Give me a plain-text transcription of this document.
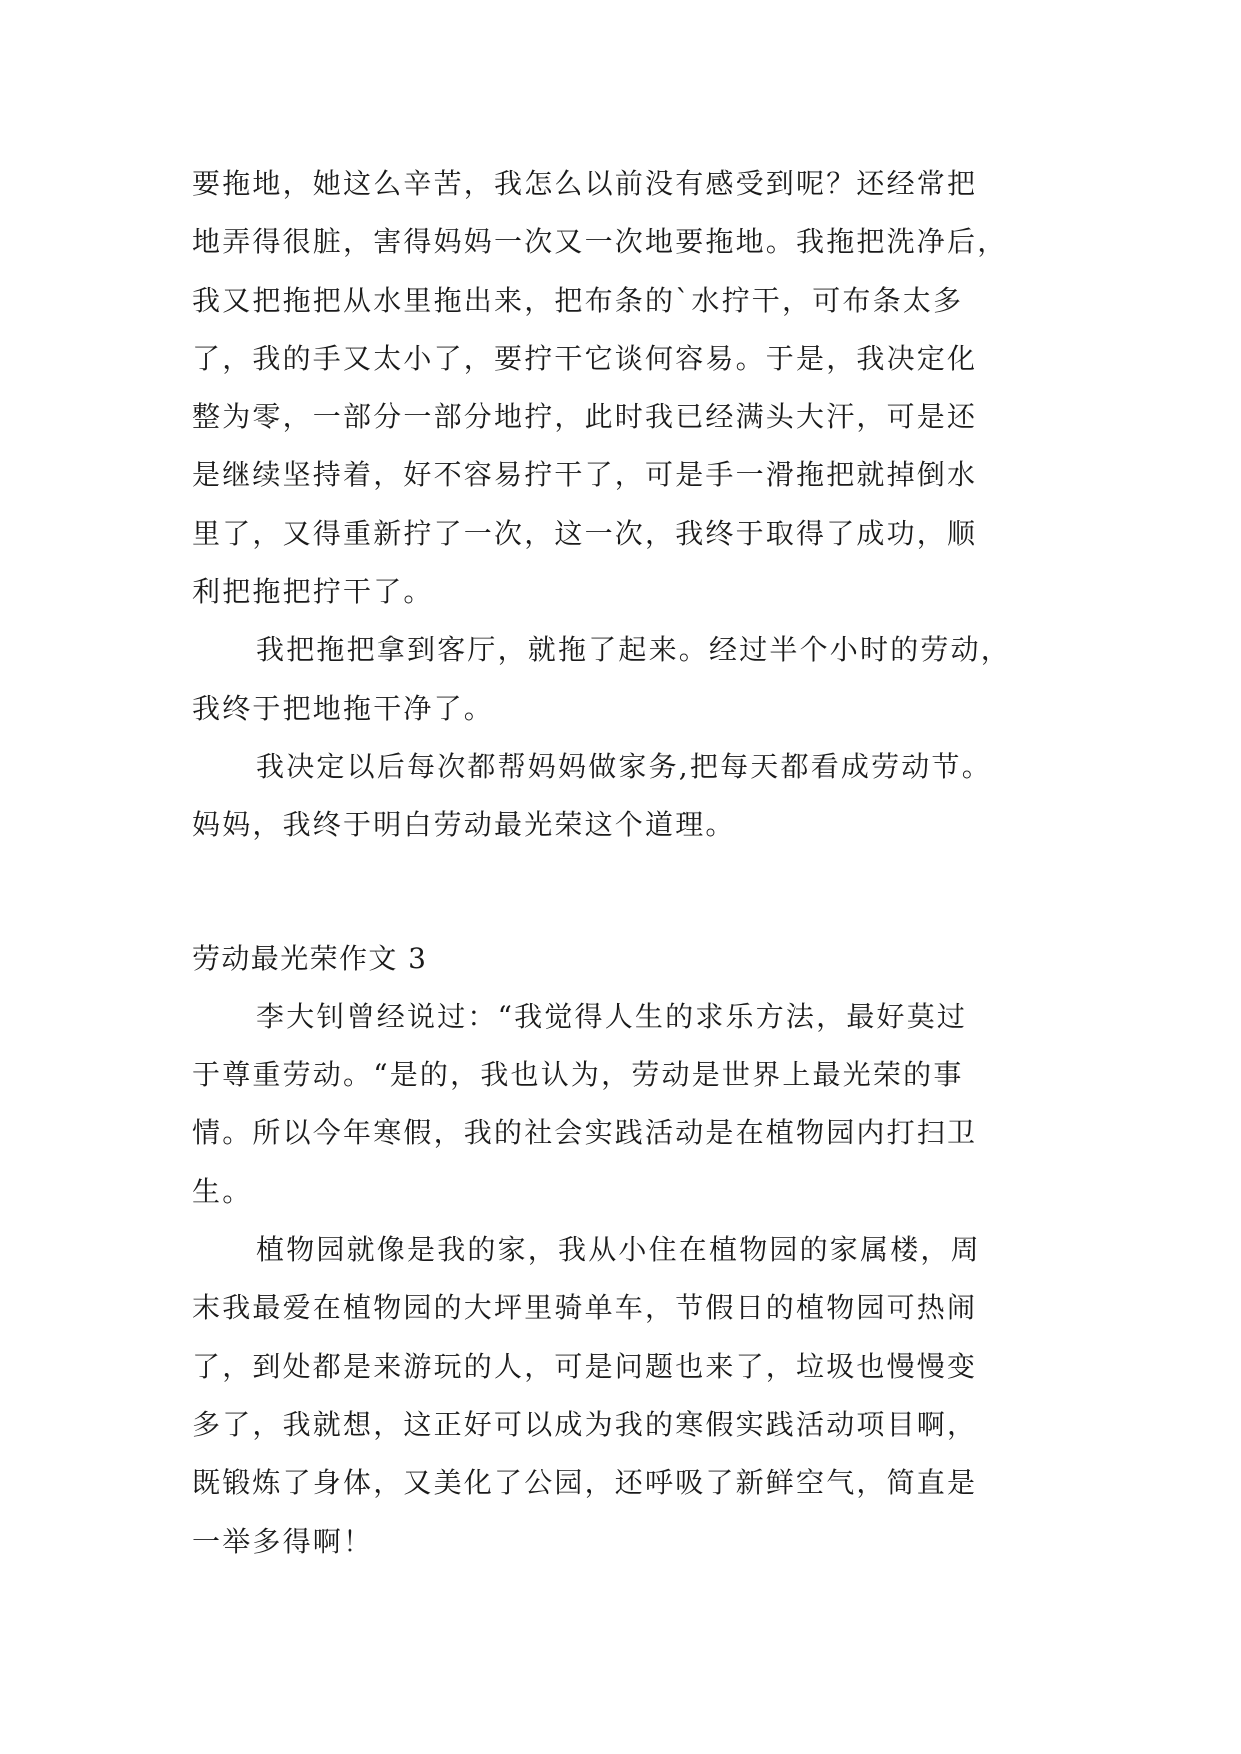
要拖地，她这么辛苦，我怎么以前没有感受到呢？还经常把
地弄得很脏，害得妈妈一次又一次地要拖地。我拖把洗净后，
我又把拖把从水里拖出来，把布条的`水拧干，可布条太多
了，我的手又太小了，要拧干它谈何容易。于是，我决定化
整为零，一部分一部分地拧，此时我已经满头大汗，可是还
是继续坚持着，好不容易拧干了，可是手一滑拖把就掉倒水
里了，又得重新拧了一次，这一次，我终于取得了成功，顺
利把拖把拧干了。
我把拖把拿到客厅，就拖了起来。经过半个小时的劳动，
我终于把地拖干净了。
我决定以后每次都帮妈妈做家务,把每天都看成劳动节。
妈妈，我终于明白劳动最光荣这个道理。
劳动最光荣作文 3
李大钊曾经说过：“我觉得人生的求乐方法，最好莫过
于尊重劳动。“是的，我也认为，劳动是世界上最光荣的事
情。所以今年寒假，我的社会实践活动是在植物园内打扫卫
生。
植物园就像是我的家，我从小住在植物园的家属楼，周
末我最爱在植物园的大坪里骑单车，节假日的植物园可热闹
了，到处都是来游玩的人，可是问题也来了，垃圾也慢慢变
多了，我就想，这正好可以成为我的寒假实践活动项目啊，
既锻炼了身体，又美化了公园，还呼吸了新鲜空气，简直是
一举多得啊！
